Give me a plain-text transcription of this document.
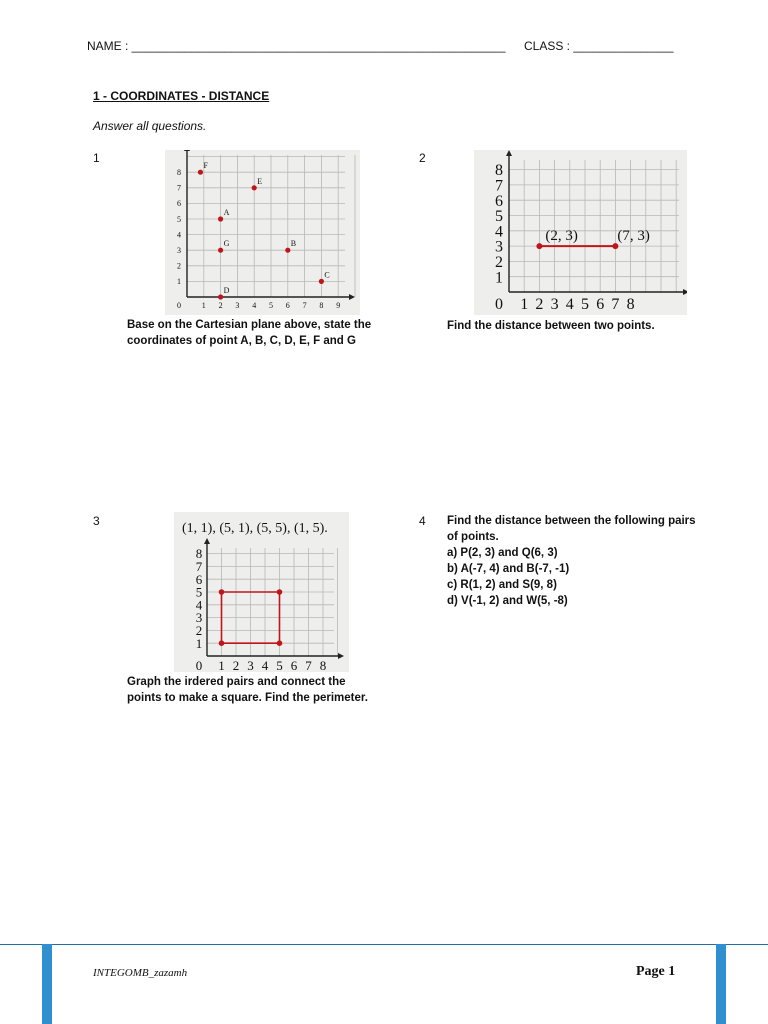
NAME : ________________________________________________________ CLASS : _______________
1 - COORDINATES - DISTANCE
Answer all questions.
1
0	1 2 3 4 5 6 7 8 9
1
2
3
4
5
6
7
8
F
E
A
G	B
C
D
Base on the Cartesian plane above, state the
coordinates of point A, B, C, D, E, F and G
2
0 1 2 3 4 5 6 7 8
1
2
3
4
5
6
7
8
(2, 3)	(7, 3)
Find the distance between two points.
3	(1, 1), (5, 1), (5, 5), (1, 5).
0 1 2 3 4 5 6 7 8
1
2
3
4
5
6
7
8
Graph the irdered pairs and connect the
points to make a square. Find the perimeter.
4 Find the distance between the following pairs
of points.
a) P(2, 3) and Q(6, 3)
b) A(-7, 4) and B(-7, -1)
c) R(1, 2) and S(9, 8)
d) V(-1, 2) and W(5, -8)
INTEGOMB_zazamh	Page 1
